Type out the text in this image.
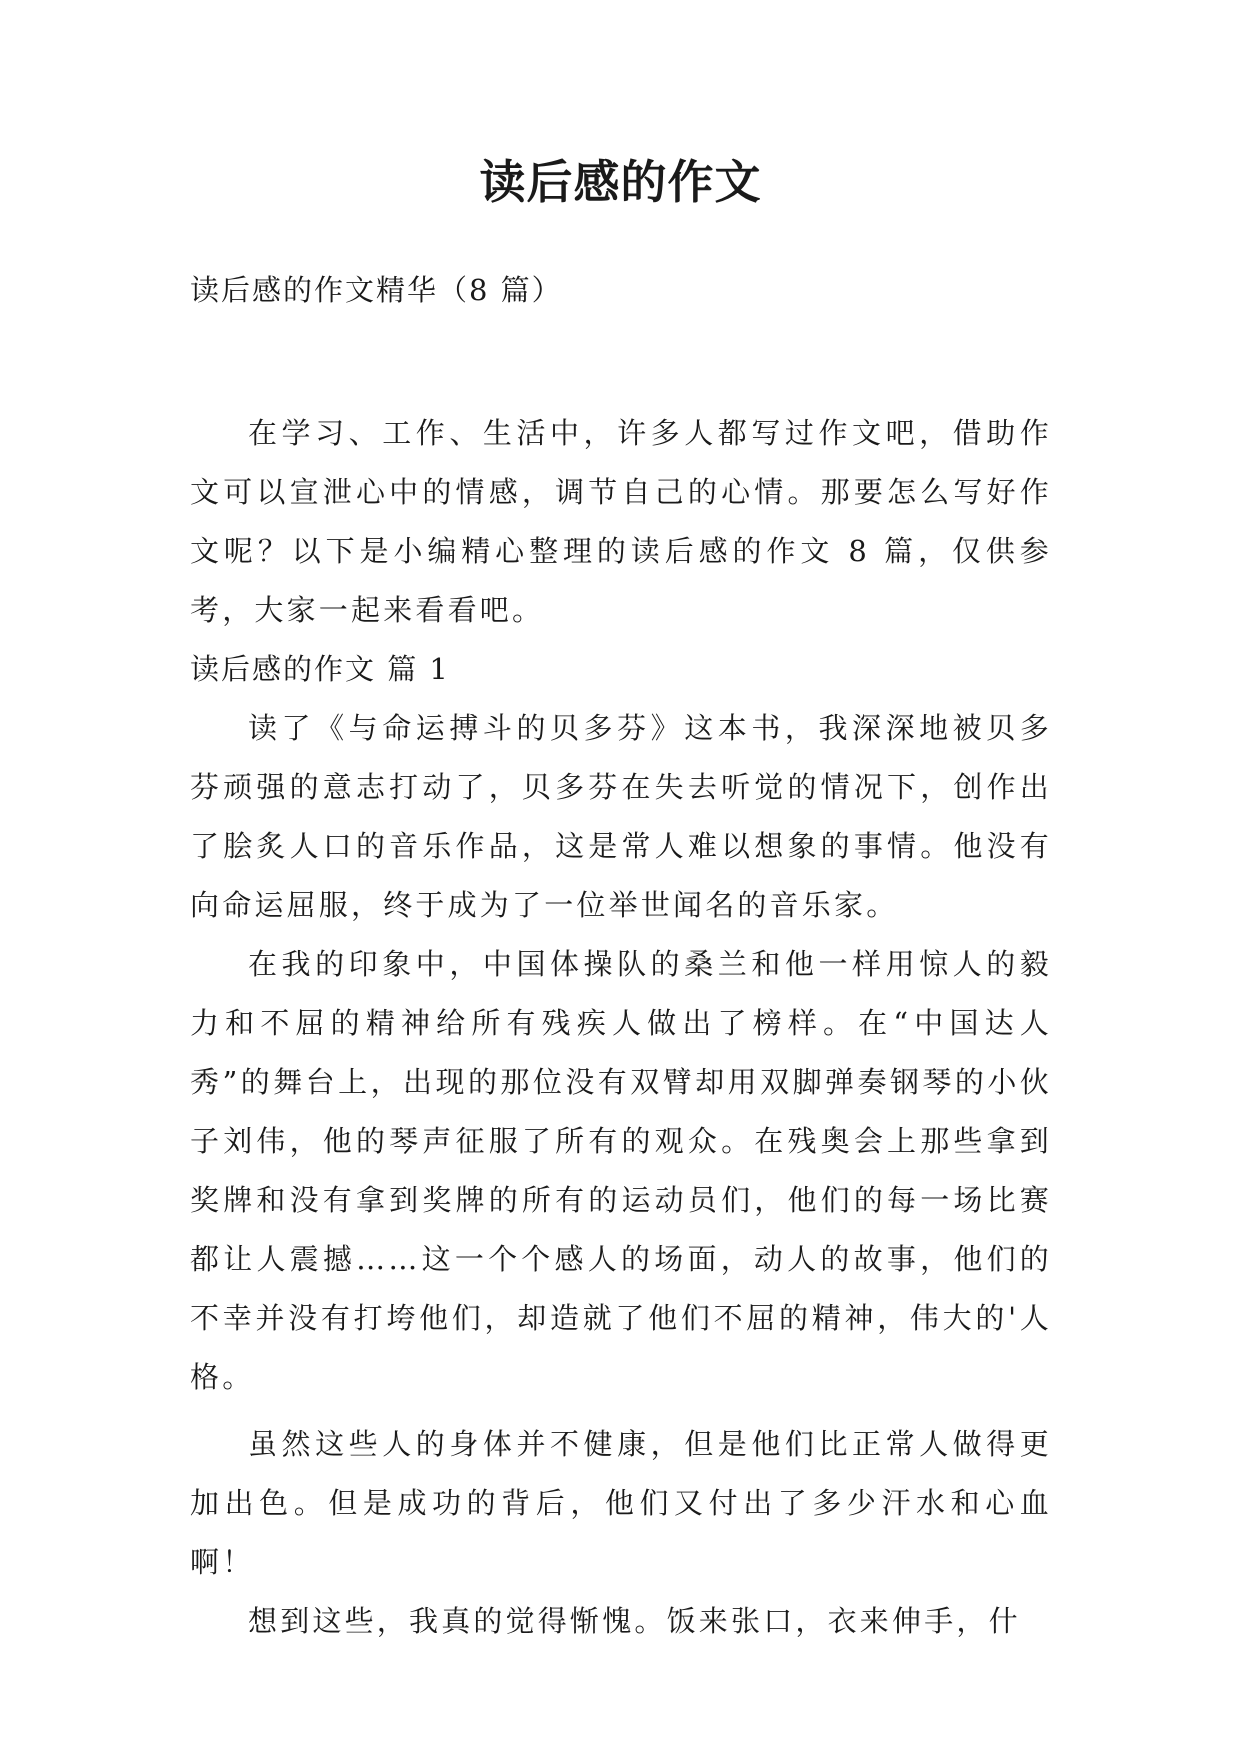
读后感的作文

读后感的作文精华（8 篇）

在学习、工作、生活中，许多人都写过作文吧，借助作文可以宣泄心中的情感，调节自己的心情。那要怎么写好作文呢？以下是小编精心整理的读后感的作文 8 篇，仅供参考，大家一起来看看吧。

读后感的作文 篇 1

读了《与命运搏斗的贝多芬》这本书，我深深地被贝多芬顽强的意志打动了，贝多芬在失去听觉的情况下，创作出了脍炙人口的音乐作品，这是常人难以想象的事情。他没有向命运屈服，终于成为了一位举世闻名的音乐家。

在我的印象中，中国体操队的桑兰和他一样用惊人的毅力和不屈的精神给所有残疾人做出了榜样。在“中国达人秀”的舞台上，出现的那位没有双臂却用双脚弹奏钢琴的小伙子刘伟，他的琴声征服了所有的观众。在残奥会上那些拿到奖牌和没有拿到奖牌的所有的运动员们，他们的每一场比赛都让人震撼……这一个个感人的场面，动人的故事，他们的不幸并没有打垮他们，却造就了他们不屈的精神，伟大的'人格。

虽然这些人的身体并不健康，但是他们比正常人做得更加出色。但是成功的背后，他们又付出了多少汗水和心血啊！

想到这些，我真的觉得惭愧。饭来张口，衣来伸手，什
